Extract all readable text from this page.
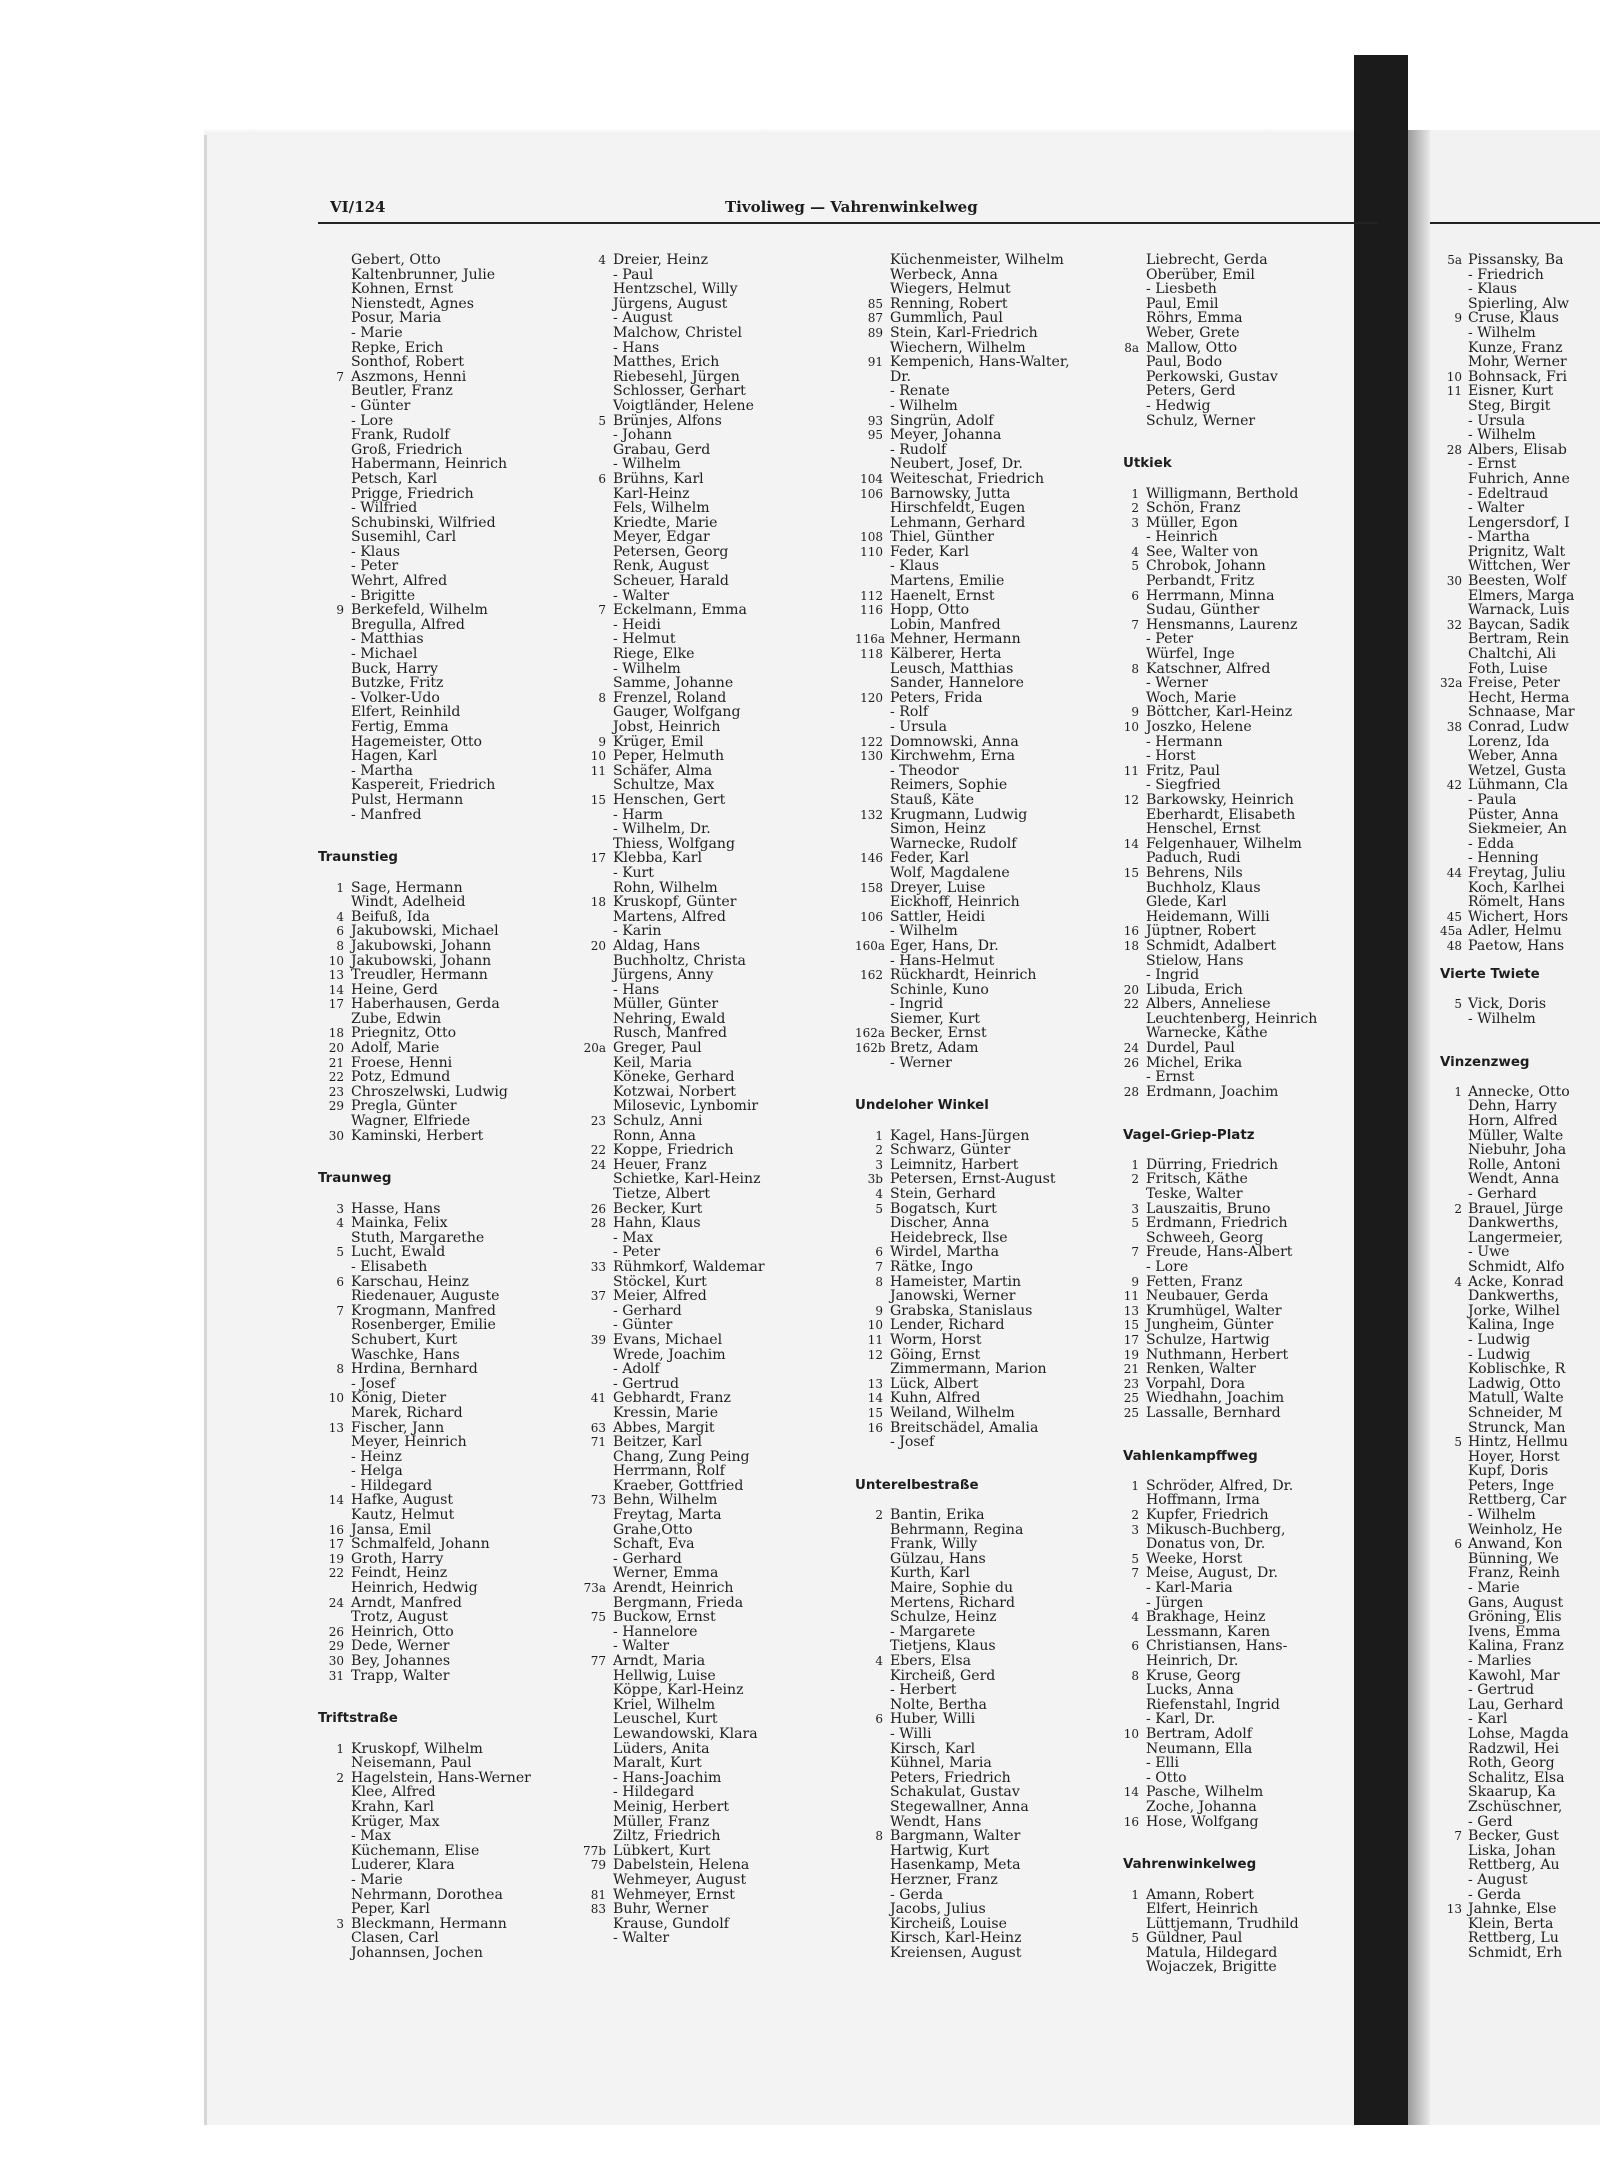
VI/124	Tivoliweg — Vahrenwinkelweg
Gebert, Otto
Kaltenbrunner, Julie
Kohnen, Ernst
Nienstedt, Agnes
Posur, Maria
- Marie
Repke, Erich
Sonthof, Robert
7 Aszmons, Henni
Beutler, Franz
- Günter
- Lore
Frank, Rudolf
Groß, Friedrich
Habermann, Heinrich
Petsch, Karl
Prigge, Friedrich
- Wilfried
Schubinski, Wilfried
Susemihl, Carl
- Klaus
- Peter
Wehrt, Alfred
- Brigitte
9 Berkefeld, Wilhelm
Bregulla, Alfred
- Matthias
- Michael
Buck, Harry
Butzke, Fritz
- Volker-Udo
Elfert, Reinhild
Fertig, Emma
Hagemeister, Otto
Hagen, Karl
- Martha
Kaspereit, Friedrich
Pulst, Hermann
- Manfred
Traunstieg
1 Sage, Hermann
Windt, Adelheid
4 Beifuß, Ida
6 Jakubowski, Michael
8 Jakubowski, Johann
10 Jakubowski, Johann
13 Treudler, Hermann
14 Heine, Gerd
17 Haberhausen, Gerda
Zube, Edwin
18 Priegnitz, Otto
20 Adolf, Marie
21 Froese, Henni
22 Potz, Edmund
23 Chroszelwski, Ludwig
29 Pregla, Günter
Wagner, Elfriede
30 Kaminski, Herbert
Traunweg
3 Hasse, Hans
4 Mainka, Felix
Stuth, Margarethe
5 Lucht, Ewald
- Elisabeth
6 Karschau, Heinz
Riedenauer, Auguste
7 Krogmann, Manfred
Rosenberger, Emilie
Schubert, Kurt
Waschke, Hans
8 Hrdina, Bernhard
- Josef
10 König, Dieter
Marek, Richard
13 Fischer, Jann
Meyer, Heinrich
- Heinz
- Helga
- Hildegard
14 Hafke, August
Kautz, Helmut
16 Jansa, Emil
17 Schmalfeld, Johann
19 Groth, Harry
22 Feindt, Heinz
Heinrich, Hedwig
24 Arndt, Manfred
Trotz, August
26 Heinrich, Otto
29 Dede, Werner
30 Bey, Johannes
31 Trapp, Walter
Triftstraße
1 Kruskopf, Wilhelm
Neisemann, Paul
2 Hagelstein, Hans-Werner
Klee, Alfred
Krahn, Karl
Krüger, Max
- Max
Küchemann, Elise
Luderer, Klara
- Marie
Nehrmann, Dorothea
Peper, Karl
3 Bleckmann, Hermann
Clasen, Carl
Johannsen, Jochen
4 Dreier, Heinz
- Paul
Hentzschel, Willy
Jürgens, August
- August
Malchow, Christel
- Hans
Matthes, Erich
Riebesehl, Jürgen
Schlosser, Gerhart
Voigtländer, Helene
5 Brünjes, Alfons
- Johann
Grabau, Gerd
- Wilhelm
6 Brühns, Karl
Karl-Heinz
Fels, Wilhelm
Kriedte, Marie
Meyer, Edgar
Petersen, Georg
Renk, August
Scheuer, Harald
- Walter
7 Eckelmann, Emma
- Heidi
- Helmut
Riege, Elke
- Wilhelm
Samme, Johanne
8 Frenzel, Roland
Gauger, Wolfgang
Jobst, Heinrich
9 Krüger, Emil
10 Peper, Helmuth
11 Schäfer, Alma
Schultze, Max
15 Henschen, Gert
- Harm
- Wilhelm, Dr.
Thiess, Wolfgang
17 Klebba, Karl
- Kurt
Rohn, Wilhelm
18 Kruskopf, Günter
Martens, Alfred
- Karin
20 Aldag, Hans
Buchholtz, Christa
Jürgens, Anny
- Hans
Müller, Günter
Nehring, Ewald
Rusch, Manfred
20a Greger, Paul
Keil, Maria
Köneke, Gerhard
Kotzwai, Norbert
Milosevic, Lynbomir
23 Schulz, Anni
Ronn, Anna
22 Koppe, Friedrich
24 Heuer, Franz
Schietke, Karl-Heinz
Tietze, Albert
26 Becker, Kurt
28 Hahn, Klaus
- Max
- Peter
33 Rühmkorf, Waldemar
Stöckel, Kurt
37 Meier, Alfred
- Gerhard
- Günter
39 Evans, Michael
Wrede, Joachim
- Adolf
- Gertrud
41 Gebhardt, Franz
Kressin, Marie
63 Abbes, Margit
71 Beitzer, Karl
Chang, Zung Peing
Herrmann, Rolf
Kraeber, Gottfried
73 Behn, Wilhelm
Freytag, Marta
Grahe,Otto
Schaft, Eva
- Gerhard
Werner, Emma
73a Arendt, Heinrich
Bergmann, Frieda
75 Buckow, Ernst
- Hannelore
- Walter
77 Arndt, Maria
Hellwig, Luise
Köppe, Karl-Heinz
Kriel, Wilhelm
Leuschel, Kurt
Lewandowski, Klara
Lüders, Anita
Maralt, Kurt
- Hans-Joachim
- Hildegard
Meinig, Herbert
Müller, Franz
Ziltz, Friedrich
77b Lübkert, Kurt
79 Dabelstein, Helena
Wehmeyer, August
81 Wehmeyer, Ernst
83 Buhr, Werner
Krause, Gundolf
- Walter
Küchenmeister, Wilhelm
Werbeck, Anna
Wiegers, Helmut
85 Renning, Robert
87 Gummlich, Paul
89 Stein, Karl-Friedrich
Wiechern, Wilhelm
91 Kempenich, Hans-Walter,
Dr.
- Renate
- Wilhelm
93 Singrün, Adolf
95 Meyer, Johanna
- Rudolf
Neubert, Josef, Dr.
104 Weiteschat, Friedrich
106 Barnowsky, Jutta
Hirschfeldt, Eugen
Lehmann, Gerhard
108 Thiel, Günther
110 Feder, Karl
- Klaus
Martens, Emilie
112 Haenelt, Ernst
116 Hopp, Otto
Lobin, Manfred
116a Mehner, Hermann
118 Kälberer, Herta
Leusch, Matthias
Sander, Hannelore
120 Peters, Frida
- Rolf
- Ursula
122 Domnowski, Anna
130 Kirchwehm, Erna
- Theodor
Reimers, Sophie
Stauß, Käte
132 Krugmann, Ludwig
Simon, Heinz
Warnecke, Rudolf
146 Feder, Karl
Wolf, Magdalene
158 Dreyer, Luise
Eickhoff, Heinrich
106 Sattler, Heidi
- Wilhelm
160a Eger, Hans, Dr.
- Hans-Helmut
162 Rückhardt, Heinrich
Schinle, Kuno
- Ingrid
Siemer, Kurt
162a Becker, Ernst
162b Bretz, Adam
- Werner
Undeloher Winkel
1 Kagel, Hans-Jürgen
2 Schwarz, Günter
3 Leimnitz, Harbert
3b Petersen, Ernst-August
4 Stein, Gerhard
5 Bogatsch, Kurt
Discher, Anna
Heidebreck, Ilse
6 Wirdel, Martha
7 Rätke, Ingo
8 Hameister, Martin
Janowski, Werner
9 Grabska, Stanislaus
10 Lender, Richard
11 Worm, Horst
12 Göing, Ernst
Zimmermann, Marion
13 Lück, Albert
14 Kuhn, Alfred
15 Weiland, Wilhelm
16 Breitschädel, Amalia
- Josef
Unterelbestraße
2 Bantin, Erika
Behrmann, Regina
Frank, Willy
Gülzau, Hans
Kurth, Karl
Maire, Sophie du
Mertens, Richard
Schulze, Heinz
- Margarete
Tietjens, Klaus
4 Ebers, Elsa
Kircheiß, Gerd
- Herbert
Nolte, Bertha
6 Huber, Willi
- Willi
Kirsch, Karl
Kühnel, Maria
Peters, Friedrich
Schakulat, Gustav
Stegewallner, Anna
Wendt, Hans
8 Bargmann, Walter
Hartwig, Kurt
Hasenkamp, Meta
Herzner, Franz
- Gerda
Jacobs, Julius
Kircheiß, Louise
Kirsch, Karl-Heinz
Kreiensen, August
Liebrecht, Gerda
Oberüber, Emil
- Liesbeth
Paul, Emil
Röhrs, Emma
Weber, Grete
8a Mallow, Otto
Paul, Bodo
Perkowski, Gustav
Peters, Gerd
- Hedwig
Schulz, Werner
Utkiek
1 Willigmann, Berthold
2 Schön, Franz
3 Müller, Egon
- Heinrich
4 See, Walter von
5 Chrobok, Johann
Perbandt, Fritz
6 Herrmann, Minna
Sudau, Günther
7 Hensmanns, Laurenz
- Peter
Würfel, Inge
8 Katschner, Alfred
- Werner
Woch, Marie
9 Böttcher, Karl-Heinz
10 Joszko, Helene
- Hermann
- Horst
11 Fritz, Paul
- Siegfried
12 Barkowsky, Heinrich
Eberhardt, Elisabeth
Henschel, Ernst
14 Felgenhauer, Wilhelm
Paduch, Rudi
15 Behrens, Nils
Buchholz, Klaus
Glede, Karl
Heidemann, Willi
16 Jüptner, Robert
18 Schmidt, Adalbert
Stielow, Hans
- Ingrid
20 Libuda, Erich
22 Albers, Anneliese
Leuchtenberg, Heinrich
Warnecke, Käthe
24 Durdel, Paul
26 Michel, Erika
- Ernst
28 Erdmann, Joachim
Vagel-Griep-Platz
1 Dürring, Friedrich
2 Fritsch, Käthe
Teske, Walter
3 Lauszaitis, Bruno
5 Erdmann, Friedrich
Schweeh, Georg
7 Freude, Hans-Albert
- Lore
9 Fetten, Franz
11 Neubauer, Gerda
13 Krumhügel, Walter
15 Jungheim, Günter
17 Schulze, Hartwig
19 Nuthmann, Herbert
21 Renken, Walter
23 Vorpahl, Dora
25 Wiedhahn, Joachim
25 Lassalle, Bernhard
Vahlenkampffweg
1 Schröder, Alfred, Dr.
Hoffmann, Irma
2 Kupfer, Friedrich
3 Mikusch-Buchberg,
Donatus von, Dr.
5 Weeke, Horst
7 Meise, August, Dr.
- Karl-Maria
- Jürgen
4 Brakhage, Heinz
Lessmann, Karen
6 Christiansen, Hans-
Heinrich, Dr.
8 Kruse, Georg
Lucks, Anna
Riefenstahl, Ingrid
- Karl, Dr.
10 Bertram, Adolf
Neumann, Ella
- Elli
- Otto
14 Pasche, Wilhelm
Zoche, Johanna
16 Hose, Wolfgang
Vahrenwinkelweg
1 Amann, Robert
Elfert, Heinrich
Lüttjemann, Trudhild
5 Güldner, Paul
Matula, Hildegard
Wojaczek, Brigitte
5a Pissansky, Ba
- Friedrich
- Klaus
Spierling, Alw
9 Cruse, Klaus
- Wilhelm
Kunze, Franz
Mohr, Werner
10 Bohnsack, Fri
11 Eisner, Kurt
Steg, Birgit
- Ursula
- Wilhelm
28 Albers, Elisab
- Ernst
Fuhrich, Anne
- Edeltraud
- Walter
Lengersdorf, I
- Martha
Prignitz, Walt
Wittchen, Wer
30 Beesten, Wolf
Elmers, Marga
Warnack, Luis
32 Baycan, Sadik
Bertram, Rein
Chaltchi, Ali
Foth, Luise
32a Freise, Peter
Hecht, Herma
Schnaase, Mar
38 Conrad, Ludw
Lorenz, Ida
Weber, Anna
Wetzel, Gusta
42 Lühmann, Cla
- Paula
Püster, Anna
Siekmeier, An
- Edda
- Henning
44 Freytag, Juliu
Koch, Karlhei
Römelt, Hans
45 Wichert, Hors
45a Adler, Helmu
48 Paetow, Hans
Vierte Twiete
5 Vick, Doris
- Wilhelm
Vinzenzweg
1 Annecke, Otto
Dehn, Harry
Horn, Alfred
Müller, Walte
Niebuhr, Joha
Rolle, Antoni
Wendt, Anna
- Gerhard
2 Brauel, Jürge
Dankwerths,
Langermeier,
- Uwe
Schmidt, Alfo
4 Acke, Konrad
Dankwerths,
Jorke, Wilhel
Kalina, Inge
- Ludwig
- Ludwig
Koblischke, R
Ladwig, Otto
Matull, Walte
Schneider, M
Strunck, Man
5 Hintz, Hellmu
Hoyer, Horst
Kupf, Doris
Peters, Inge
Rettberg, Car
- Wilhelm
Weinholz, He
6 Anwand, Kon
Bünning, We
Franz, Reinh
- Marie
Gans, August
Gröning, Elis
Ivens, Emma
Kalina, Franz
- Marlies
Kawohl, Mar
- Gertrud
Lau, Gerhard
- Karl
Lohse, Magda
Radzwil, Hei
Roth, Georg
Schalitz, Elsa
Skaarup, Ka
Zschüschner,
- Gerd
7 Becker, Gust
Liska, Johan
Rettberg, Au
- August
- Gerda
13 Jahnke, Else
Klein, Berta
Rettberg, Lu
Schmidt, Erh
